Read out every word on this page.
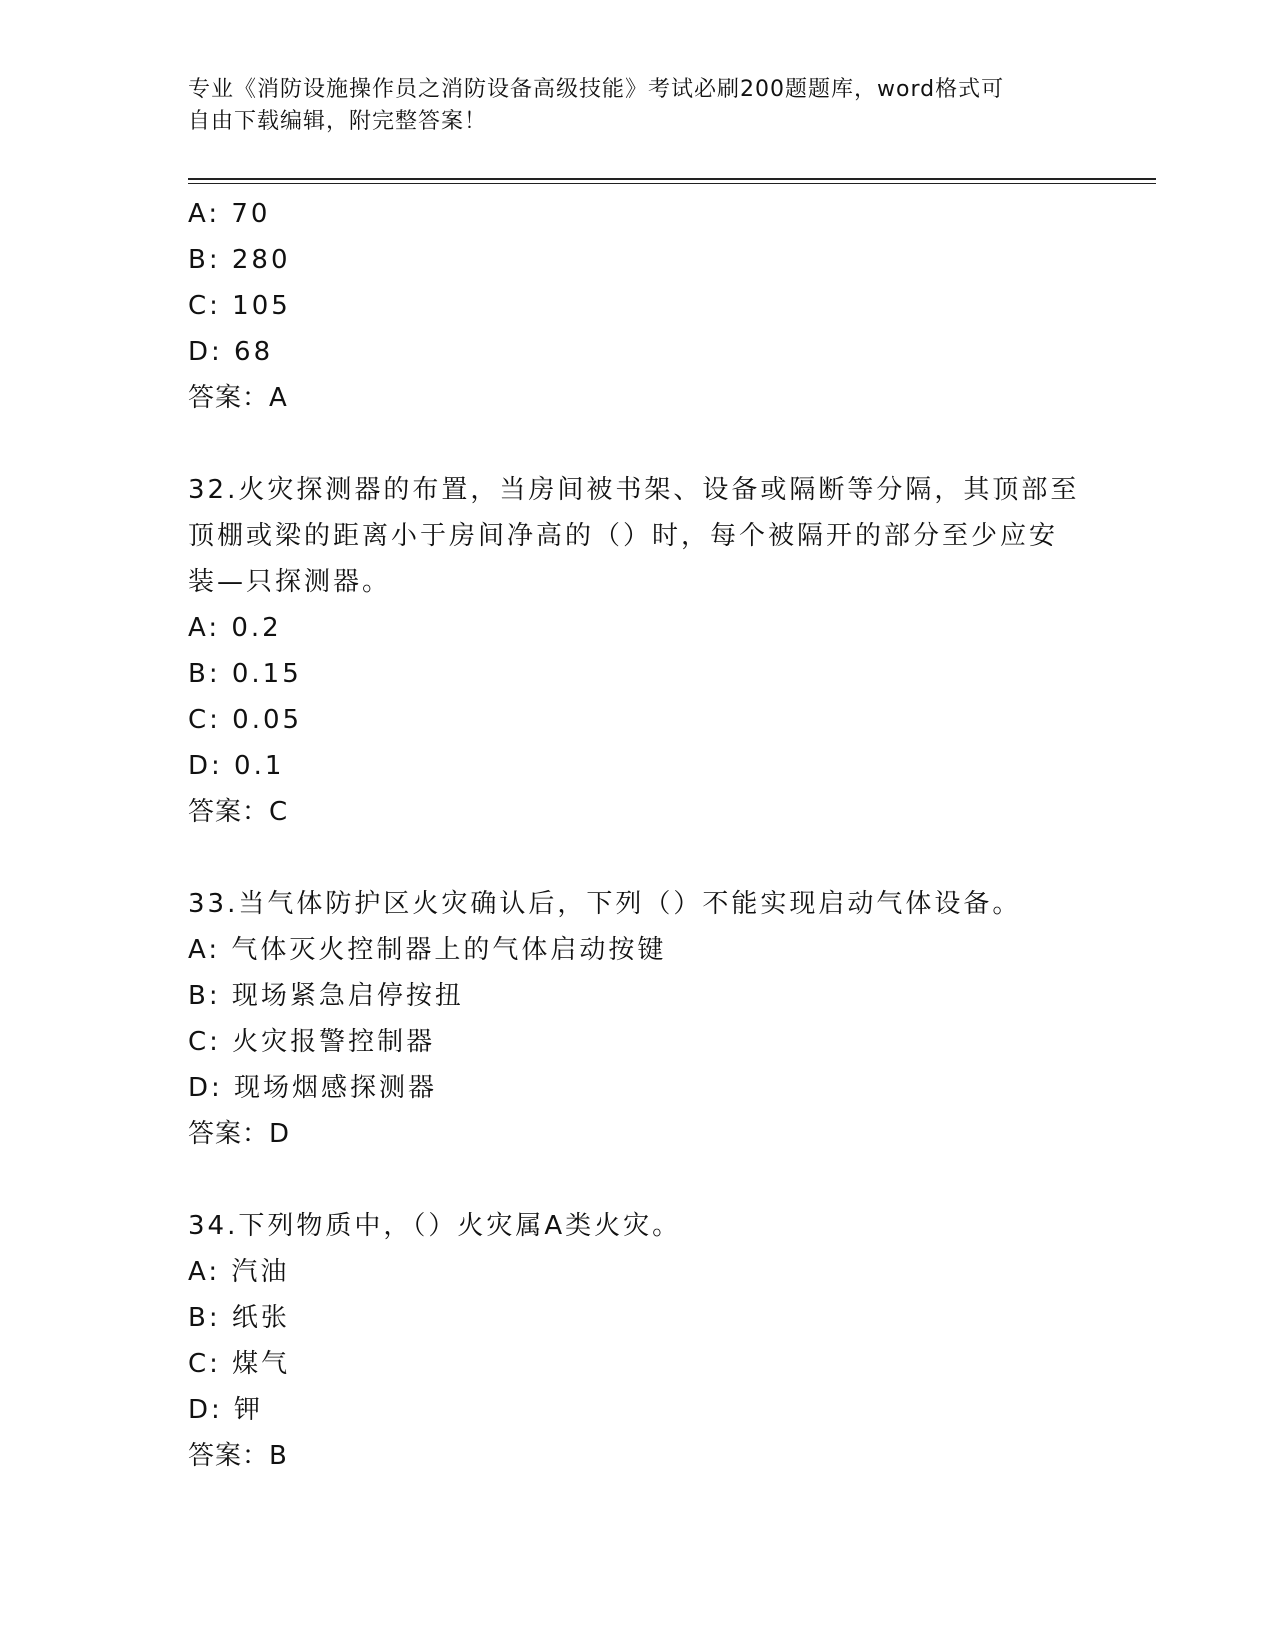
专业《消防设施操作员之消防设备高级技能》考试必刷200题题库，word格式可
自由下载编辑，附完整答案！
A: 70
B: 280
C: 105
D: 68
答案：A
32.火灾探测器的布置，当房间被书架、设备或隔断等分隔，其顶部至
顶棚或梁的距离小于房间净高的（）时，每个被隔开的部分至少应安
装—只探测器。
A: 0.2
B: 0.15
C: 0.05
D: 0.1
答案：C
33.当气体防护区火灾确认后，下列（）不能实现启动气体设备。
A: 气体灭火控制器上的气体启动按键
B: 现场紧急启停按扭
C: 火灾报警控制器
D: 现场烟感探测器
答案：D
34.下列物质中，（）火灾属A类火灾。
A: 汽油
B: 纸张
C: 煤气
D: 钾
答案：B
